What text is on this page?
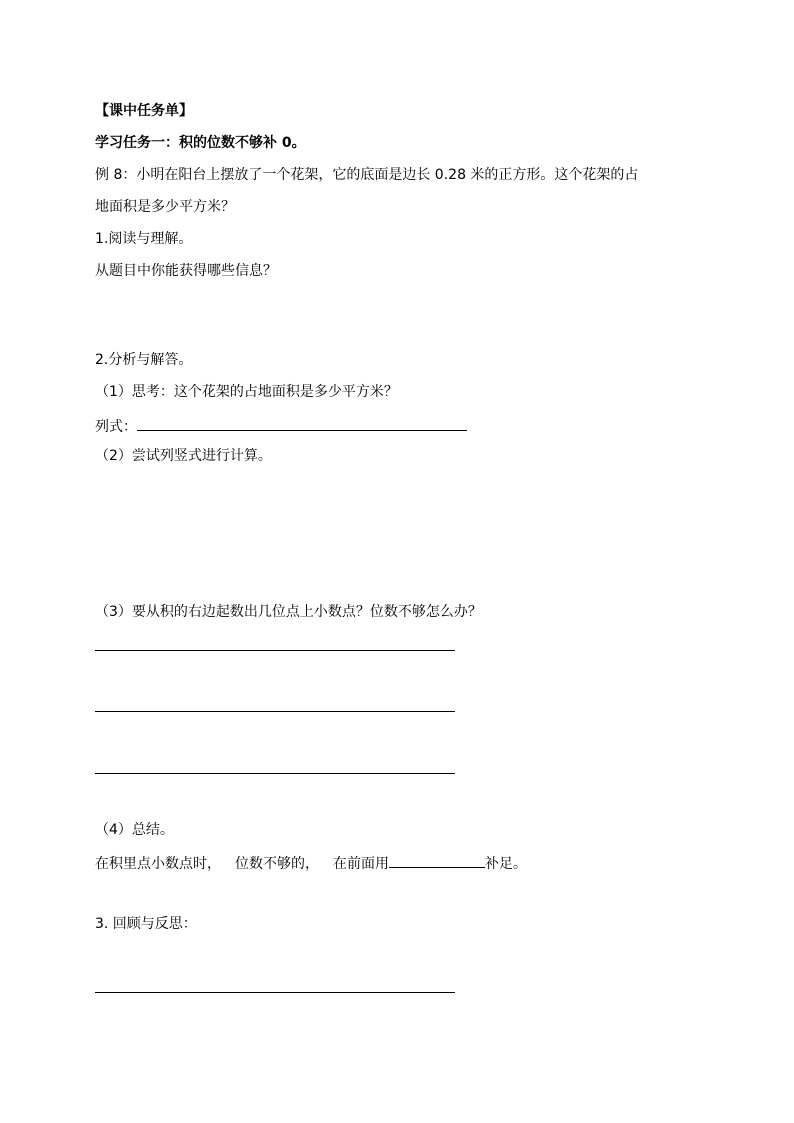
【课中任务单】
学习任务一：积的位数不够补 0。
例 8：小明在阳台上摆放了一个花架，它的底面是边长 0.28 米的正方形。这个花架的占
地面积是多少平方米？
1.阅读与理解。
从题目中你能获得哪些信息？
2.分析与解答。
（1）思考：这个花架的占地面积是多少平方米？
列式：
（2）尝试列竖式进行计算。
（3）要从积的右边起数出几位点上小数点？位数不够怎么办？
（4）总结。
在积里点小数点时， 位数不够的， 在前面用	补足。
3. 回顾与反思：
